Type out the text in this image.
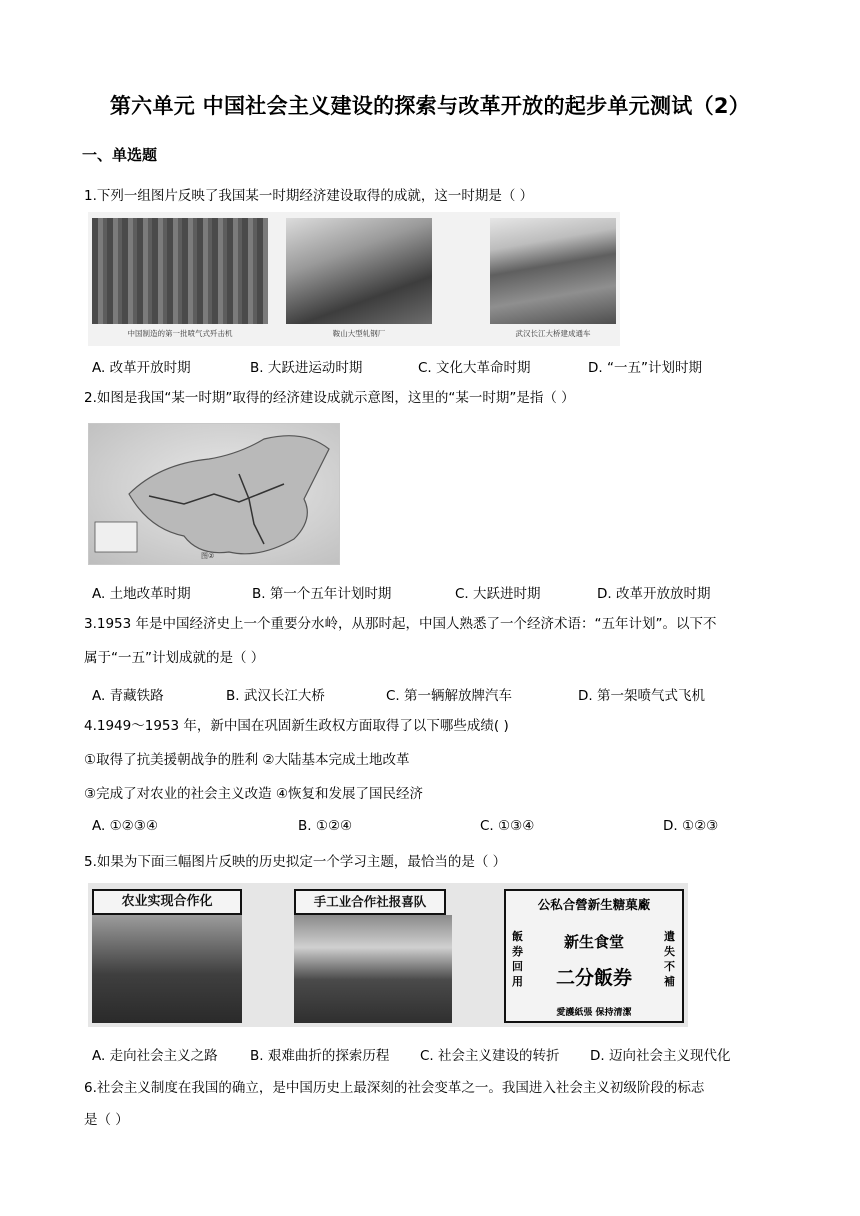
第六单元 中国社会主义建设的探索与改革开放的起步单元测试（2）
一、单选题
1.下列一组图片反映了我国某一时期经济建设取得的成就，这一时期是（ ）
中国制造的第一批喷气式歼击机	鞍山大型轧钢厂	武汉长江大桥建成通车
A. 改革开放时期	B. 大跃进运动时期	C. 文化大革命时期	D. “一五”计划时期
2.如图是我国“某一时期”取得的经济建设成就示意图，这里的“某一时期”是指（ ）
图②
A. 土地改革时期	B. 第一个五年计划时期	C. 大跃进时期	D. 改革开放放时期
3.1953 年是中国经济史上一个重要分水岭，从那时起，中国人熟悉了一个经济术语：“五年计划”。以下不
属于“一五”计划成就的是（ ）
A. 青藏铁路	B. 武汉长江大桥	C. 第一辆解放牌汽车	D. 第一架喷气式飞机
4.1949～1953 年，新中国在巩固新生政权方面取得了以下哪些成绩( )
①取得了抗美援朝战争的胜利 ②大陆基本完成土地改革
③完成了对农业的社会主义改造 ④恢复和发展了国民经济
A. ①②③④	B. ①②④	C. ①③④	D. ①②③
5.如果为下面三幅图片反映的历史拟定一个学习主题，最恰当的是（ ）
农业实现合作化	手工业合作社报喜队	公私合營新生糖菓廠
新生食堂
二分飯券
飯券回用
遺失不補
愛護紙張 保持清潔
A. 走向社会主义之路 B. 艰难曲折的探索历程 C. 社会主义建设的转折 D. 迈向社会主义现代化
6.社会主义制度在我国的确立，是中国历史上最深刻的社会变革之一。我国进入社会主义初级阶段的标志
是（ ）
